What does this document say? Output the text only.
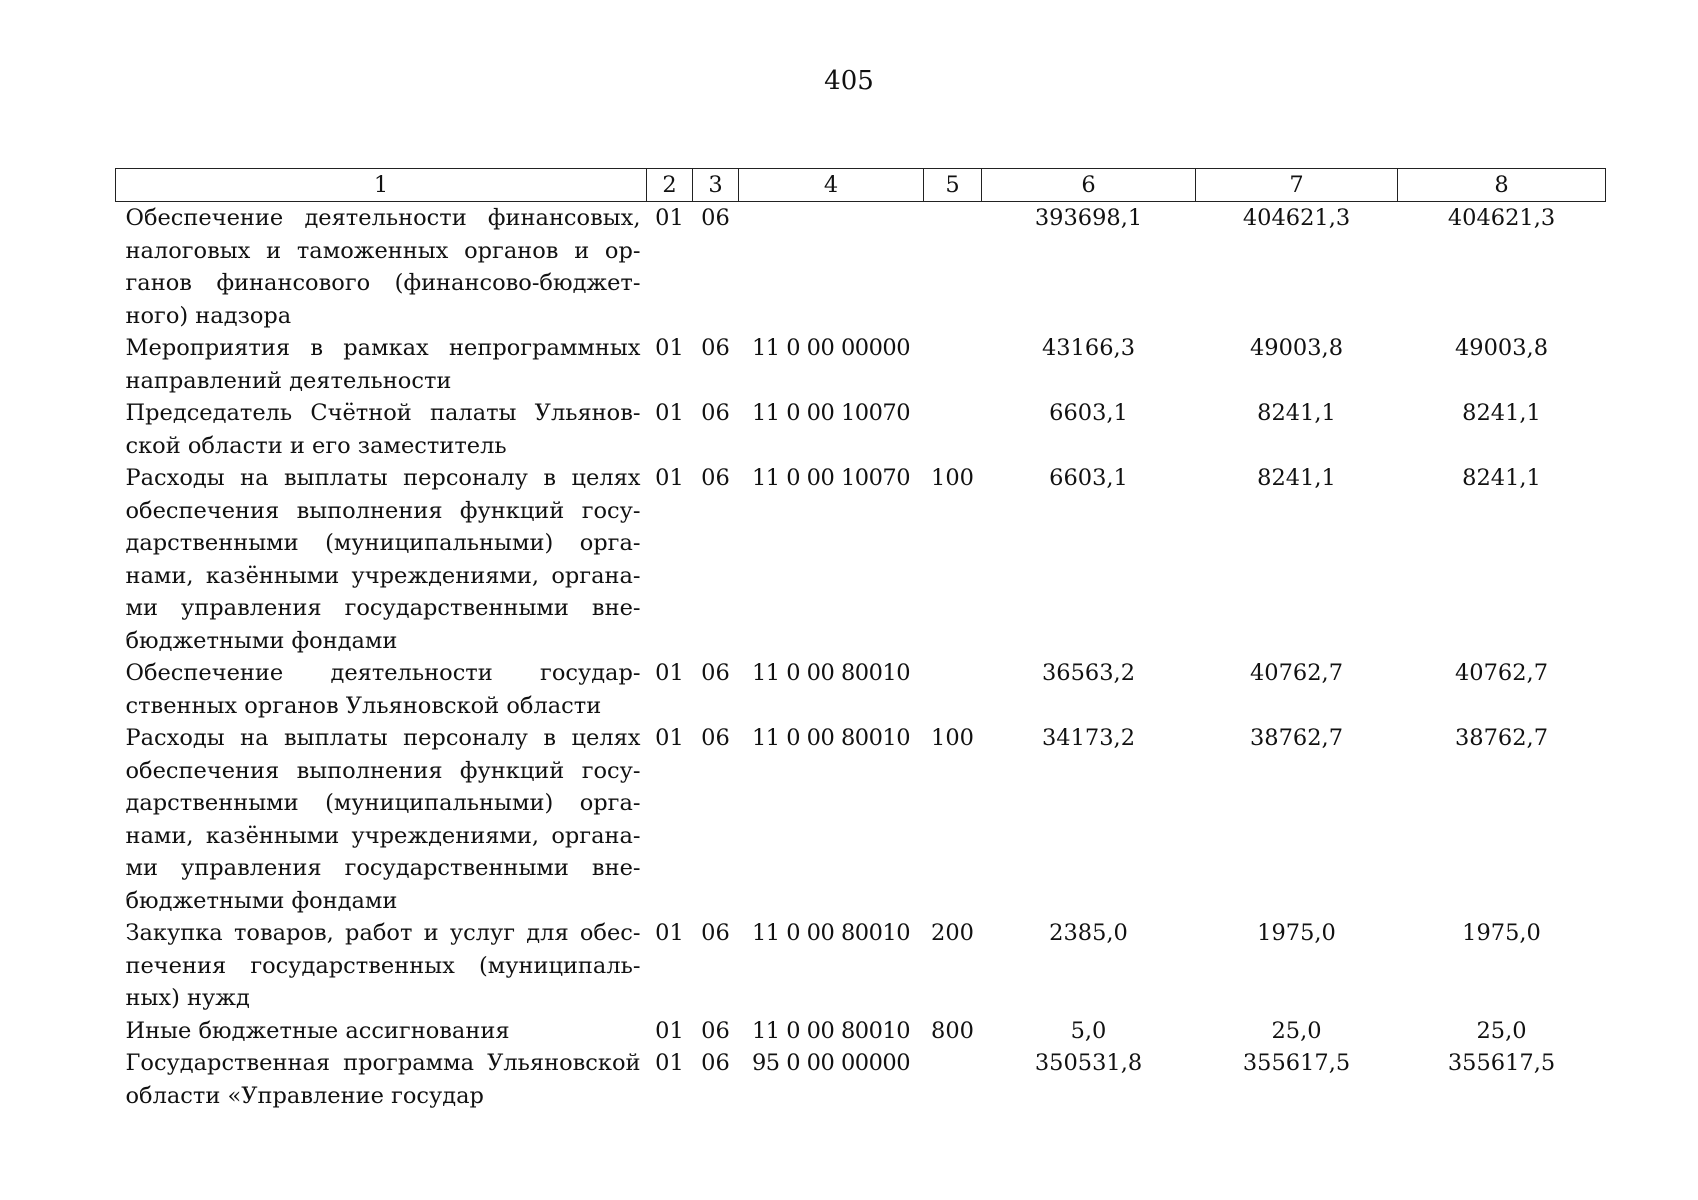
405
1	2	3	4	5	6	7	8
Обеспечение деятельности финансовых, налоговых и таможенных органов и органов финансового (финансово-бюджетного) надзора	01	06			393698,1	404621,3	404621,3
Мероприятия в рамках непрограммных направлений деятельности	01	06	11 0 00 00000		43166,3	49003,8	49003,8
Председатель Счётной палаты Ульяновской области и его заместитель	01	06	11 0 00 10070		6603,1	8241,1	8241,1
Расходы на выплаты персоналу в целях обеспечения выполнения функций государственными (муниципальными) органами, казёнными учреждениями, органами управления государственными внебюджетными фондами	01	06	11 0 00 10070	100	6603,1	8241,1	8241,1
Обеспечение деятельности государственных органов Ульяновской области	01	06	11 0 00 80010		36563,2	40762,7	40762,7
Расходы на выплаты персоналу в целях обеспечения выполнения функций государственными (муниципальными) органами, казёнными учреждениями, органами управления государственными внебюджетными фондами	01	06	11 0 00 80010	100	34173,2	38762,7	38762,7
Закупка товаров, работ и услуг для обеспечения государственных (муниципальных) нужд	01	06	11 0 00 80010	200	2385,0	1975,0	1975,0
Иные бюджетные ассигнования	01	06	11 0 00 80010	800	5,0	25,0	25,0
Государственная программа Ульяновской области «Управление государ	01	06	95 0 00 00000		350531,8	355617,5	355617,5
